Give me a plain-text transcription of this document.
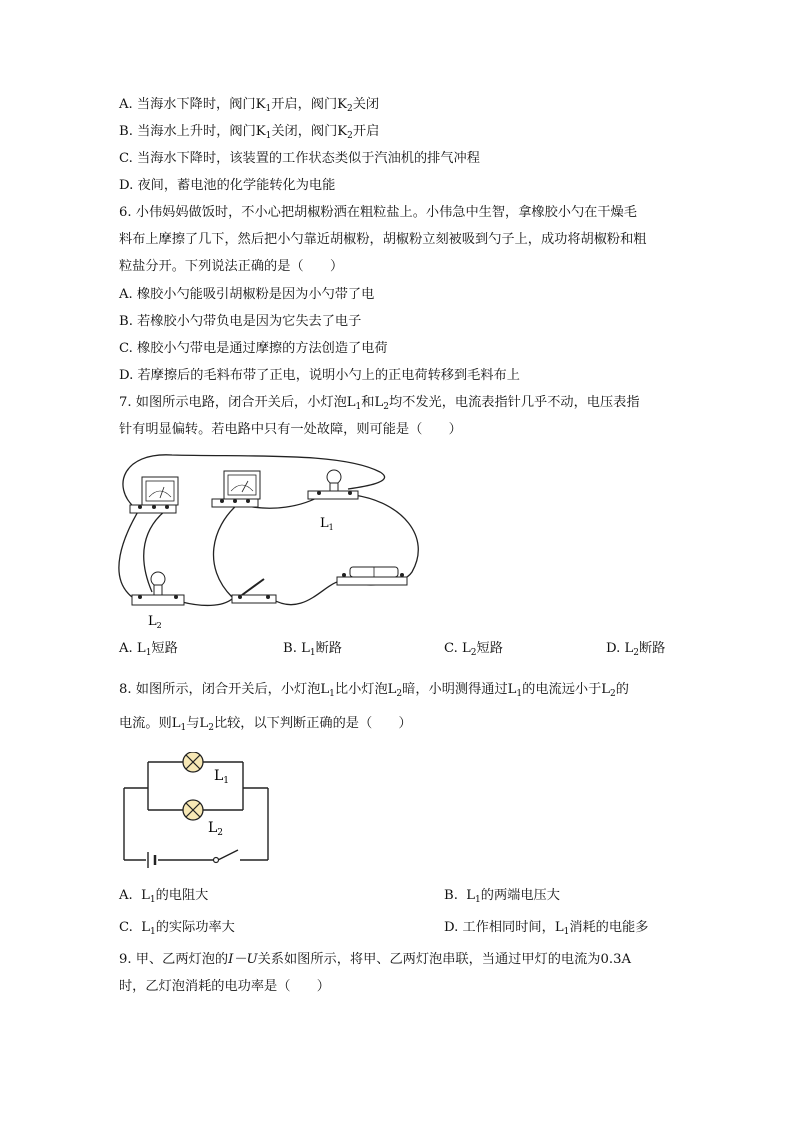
A. 当海水下降时，阀门$K_1$开启，阀门$K_2$关闭
B. 当海水上升时，阀门$K_1$关闭，阀门$K_2$开启
C. 当海水下降时，该装置的工作状态类似于汽油机的排气冲程
D. 夜间，蓄电池的化学能转化为电能
6. 小伟妈妈做饭时，不小心把胡椒粉洒在粗粒盐上。小伟急中生智，拿橡胶小勺在干燥毛
料布上摩擦了几下，然后把小勺靠近胡椒粉，胡椒粉立刻被吸到勺子上，成功将胡椒粉和粗
粒盐分开。下列说法正确的是（　　）
A. 橡胶小勺能吸引胡椒粉是因为小勺带了电
B. 若橡胶小勺带负电是因为它失去了电子
C. 橡胶小勺带电是通过摩擦的方法创造了电荷
D. 若摩擦后的毛料布带了正电，说明小勺上的正电荷转移到毛料布上
7. 如图所示电路，闭合开关后，小灯泡$L_1$和$L_2$均不发光，电流表指针几乎不动，电压表指
针有明显偏转。若电路中只有一处故障，则可能是（　　）
$L_1$
$L_2$
A. $L_1$短路	B. $L_1$断路	C. $L_2$短路	D. $L_2$断路
8. 如图所示，闭合开关后，小灯泡$L_1$比小灯泡$L_2$暗，小明测得通过$L_1$的电流远小于$L_2$的
电流。则$L_1$与$L_2$比较，以下判断正确的是（　　）
$L_1$
$L_2$
A. $L_1$的电阻大	B. $L_1$的两端电压大
C. $L_1$的实际功率大	D. 工作相同时间，$L_1$消耗的电能多
9. 甲、乙两灯泡的I－U关系如图所示，将甲、乙两灯泡串联，当通过甲灯的电流为0.3A
时，乙灯泡消耗的电功率是（　　）
